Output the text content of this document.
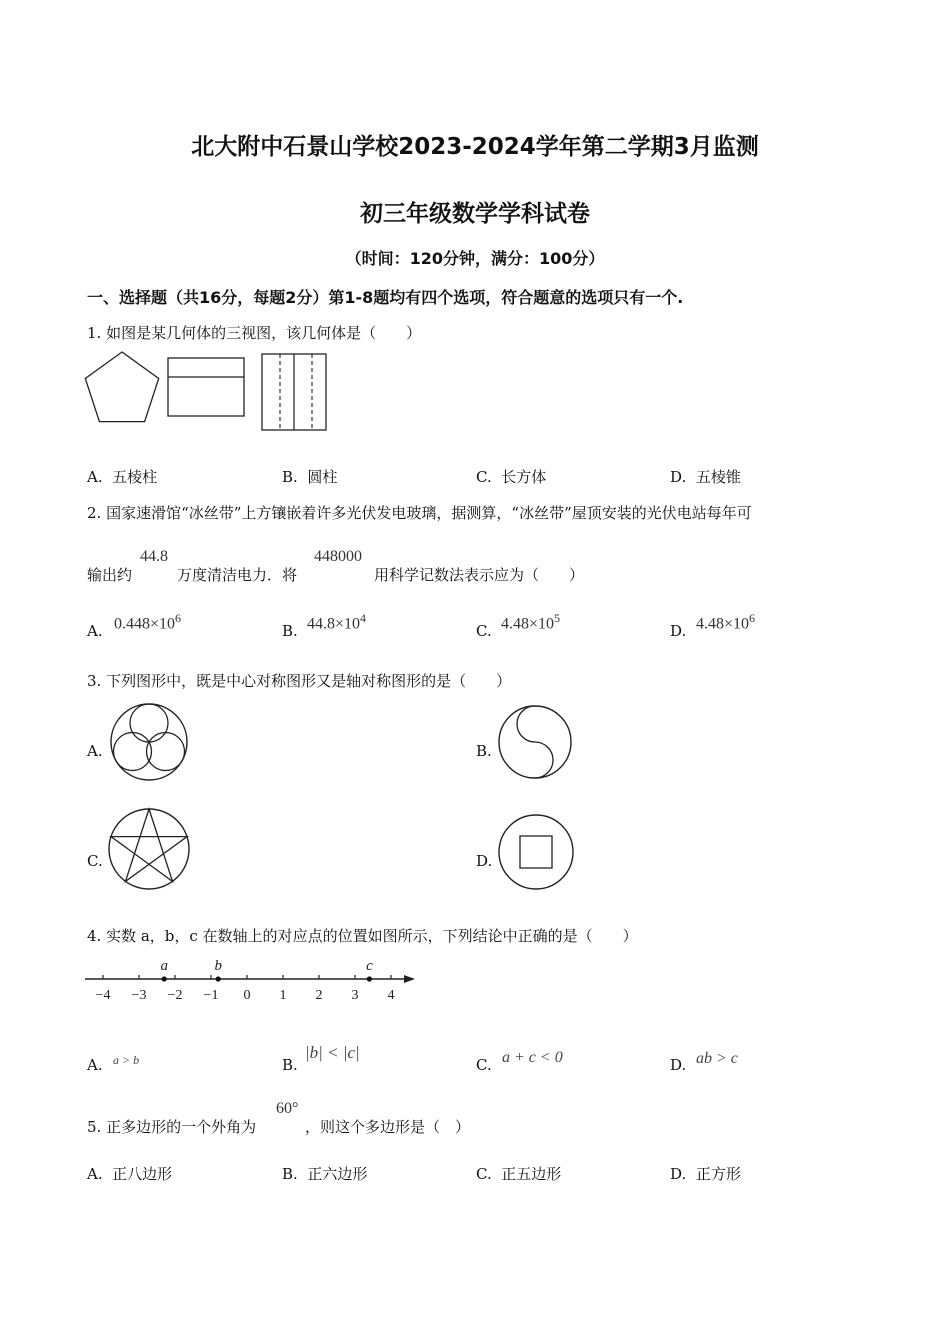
北大附中石景山学校2023-2024学年第二学期3月监测
初三年级数学学科试卷
（时间：120分钟，满分：100分）
一、选择题（共16分，每题2分）第1-8题均有四个选项，符合题意的选项只有一个.
1. 如图是某几何体的三视图，该几何体是（　　）
A. 五棱柱	B. 圆柱	C. 长方体	D. 五棱锥
2. 国家速滑馆“冰丝带”上方镶嵌着许多光伏发电玻璃，据测算，“冰丝带”屋顶安装的光伏电站每年可
输出约
44.8
万度清洁电力．将
448000
用科学记数法表示应为（　　）
A. $0.448\times 10^6$
B. $44.8\times 10^4$
C. $4.48\times 10^5$
D. $4.48\times 10^6$
3. 下列图形中，既是中心对称图形又是轴对称图形的是（　　）
A.	B.
C.	D.
4. 实数 a，b，c 在数轴上的对应点的位置如图所示，下列结论中正确的是（　　）
−4 −3 −2 −1 0 1 2 3 4
a	b	c
A. a > b	B.
|b| < |c|
C. a + c < 0	D. ab > c
5. 正多边形的一个外角为
60°
，则这个多边形是（　）
A. 正八边形	B. 正六边形	C. 正五边形	D. 正方形
